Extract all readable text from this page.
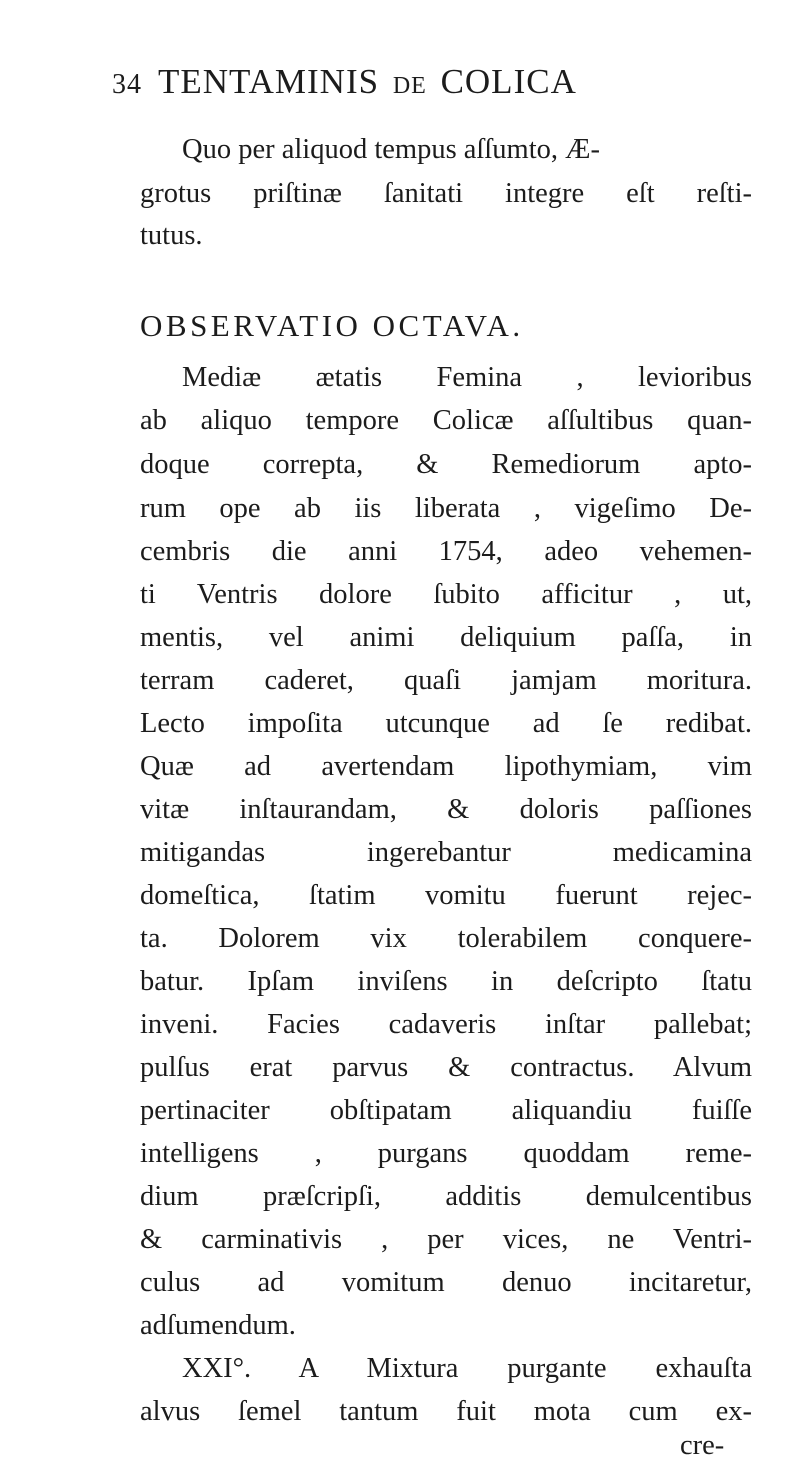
34 TENTAMINIS DE COLICA
Quo per aliquod tempus aſſumto, Æ-
grotus priſtinæ ſanitati integre eſt reſti-
tutus.
OBSERVATIO OCTAVA.
Mediæ ætatis Femina , levioribus
ab aliquo tempore Colicæ aſſultibus quan-
doque correpta, & Remediorum apto-
rum ope ab iis liberata , vigeſimo De-
cembris die anni 1754, adeo vehemen-
ti Ventris dolore ſubito afficitur , ut,
mentis, vel animi deliquium paſſa, in
terram caderet, quaſi jamjam moritura.
Lecto impoſita utcunque ad ſe redibat.
Quæ ad avertendam lipothymiam, vim
vitæ inſtaurandam, & doloris paſſiones
mitigandas ingerebantur medicamina
domeſtica, ſtatim vomitu fuerunt rejec-
ta. Dolorem vix tolerabilem conquere-
batur. Ipſam inviſens in deſcripto ſtatu
inveni. Facies cadaveris inſtar pallebat;
pulſus erat parvus & contractus. Alvum
pertinaciter obſtipatam aliquandiu fuiſſe
intelligens , purgans quoddam reme-
dium præſcripſi, additis demulcentibus
& carminativis , per vices, ne Ventri-
culus ad vomitum denuo incitaretur,
adſumendum.
XXI°. A Mixtura purgante exhauſta
alvus ſemel tantum fuit mota cum ex-
cre-
